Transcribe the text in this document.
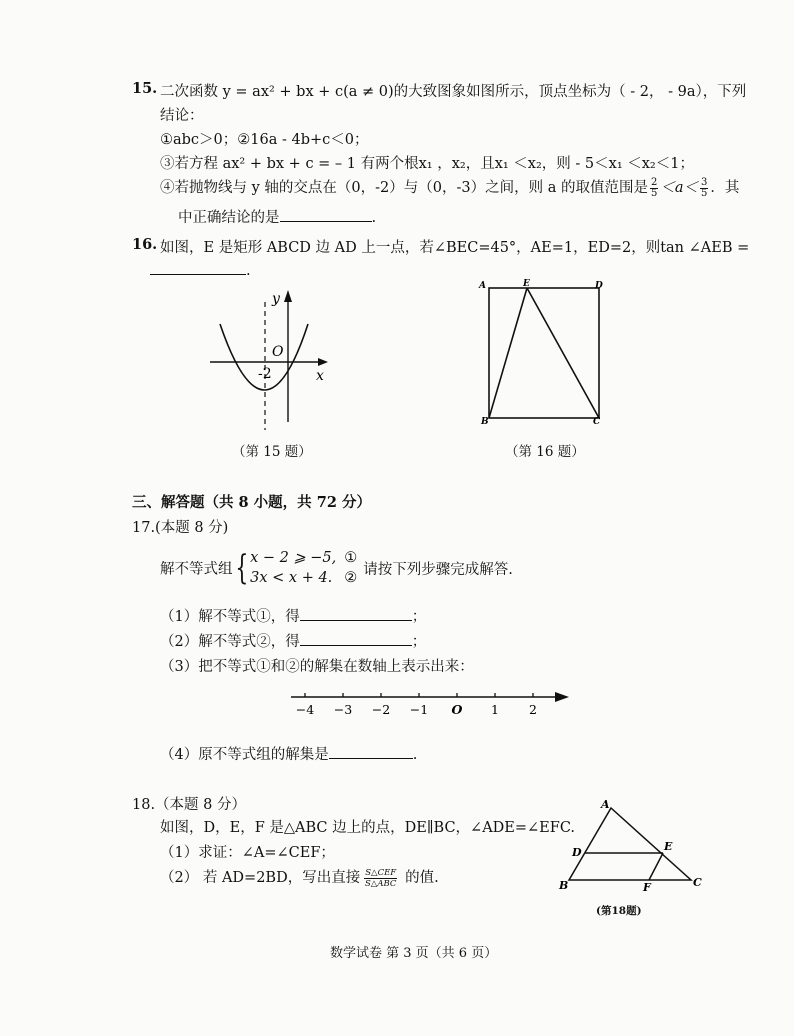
15. 二次函数 y = ax² + bx + c(a ≠ 0)的大致图象如图所示，顶点坐标为（ - 2， - 9a），下列
结论：
①abc＞0；②16a - 4b+c＜0；
③若方程 ax² + bx + c = – 1 有两个根x₁ ，x₂，且x₁ ＜x₂，则 - 5＜x₁ ＜x₂＜1；
④若抛物线与 y 轴的交点在（0，-2）与（0，-3）之间，则 a 的取值范围是 $\frac{2}{5} <a< \frac{3}{5}$ ．其
中正确结论的是	.
16. 如图，E 是矩形 ABCD 边 AD 上一点，若∠BEC=45°，AE=1，ED=2，则tan ∠AEB =
.
y
O
-2	x
（第 15 题）
A	E	D
B	C
（第 16 题）
三、解答题（共 8 小题，共 72 分）
17.(本题 8 分)
解不等式组{ x − 2 ⩾ −5,
3x < x + 4.
①
②
请按下列步骤完成解答.
（1）解不等式①，得	；
（2）解不等式②，得	；
（3）把不等式①和②的解集在数轴上表示出来：
−4 −3 −2 −1 O 1 2
（4）原不等式组的解集是	.
18.（本题 8 分）
如图，D，E，F 是△ABC 边上的点，DE∥BC，∠ADE=∠EFC.
（1）求证：∠A=∠CEF；
（2） 若 AD=2BD，写出直接 $\frac{\text{S△CEF}}{\text{S△ABC}}$ 的值.
A
D	E
B	F	C
(第18题)
数学试卷 第 3 页（共 6 页）
